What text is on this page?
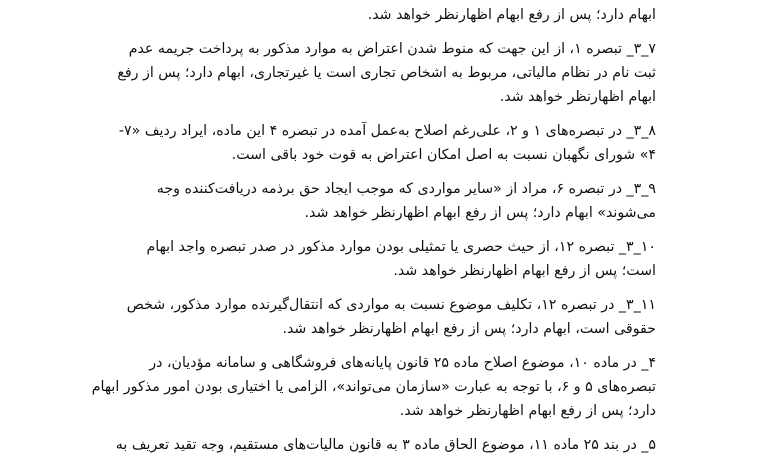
ابهام دارد؛ پس از رفع ابهام اظهارنظر خواهد شد.
۷_۳_ تبصره ۱، از این جهت که منوط شدن اعتراض به موارد مذکور به پرداخت جریمه عدم
ثبت نام در نظام مالیاتی، مربوط به اشخاص تجاری است یا غیرتجاری، ابهام دارد؛ پس از رفع
ابهام اظهارنظر خواهد شد.
۸_۳_ در تبصره‌های ۱ و ۲، علی‌رغم اصلاح به‌عمل آمده در تبصره ۴ این ماده، ایراد ردیف «۷-
۴» شورای نگهبان نسبت به اصل امکان اعتراض به قوت خود باقی است.
۹_۳_ در تبصره ۶، مراد از «سایر مواردی که موجب ایجاد حق برذمه دریافت‌کننده وجه
می‌شوند» ابهام دارد؛ پس از رفع ابهام اظهارنظر خواهد شد.
۱۰_۳_ تبصره ۱۲، از حیث حصری یا تمثیلی بودن موارد مذکور در صدر تبصره واجد ابهام
است؛ پس از رفع ابهام اظهارنظر خواهد شد.
۱۱_۳_ در تبصره ۱۲، تکلیف موضوع نسبت به مواردی که انتقال‌گیرنده موارد مذکور، شخص
حقوقی است، ابهام دارد؛ پس از رفع ابهام اظهارنظر خواهد شد.
۴_ در ماده ۱۰، موضوع اصلاح ماده ۲۵ قانون پایانه‌های فروشگاهی و سامانه مؤدیان، در
تبصره‌های ۵ و ۶، با توجه به عبارت «سازمان می‌تواند»، الزامی یا اختیاری بودن امور مذکور ابهام
دارد؛ پس از رفع ابهام اظهارنظر خواهد شد.
۵_ در بند ۲۵ ماده ۱۱، موضوع الحاق ماده ۳ به قانون مالیات‌های مستقیم، وجه تقید تعریف به
